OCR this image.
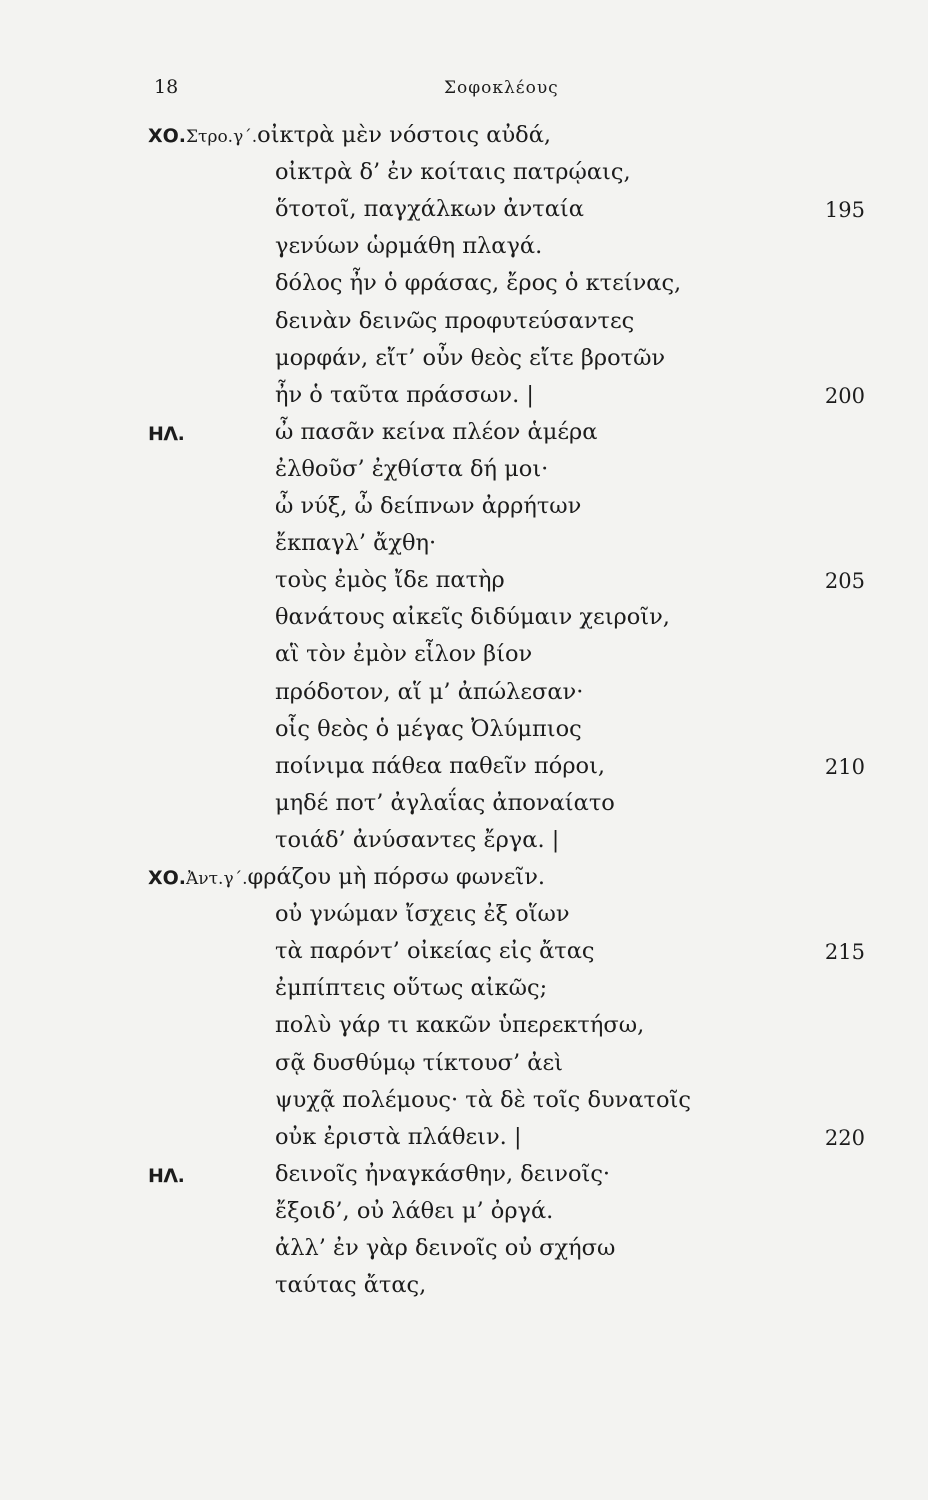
18	Σοφοκλέους
ΧΟ.Στρο.γ΄.οἰκτρὰ μὲν νόστοις αὐδά,
οἰκτρὰ δ’ ἐν κοίταις πατρῴαις,
ὅτοτοῖ, παγχάλκων ἀνταία	195
γενύων ὡρμάθη πλαγά.
δόλος ἦν ὁ φράσας, ἔρος ὁ κτείνας,
δεινὰν δεινῶς προφυτεύσαντες
μορφάν, εἴτ’ οὖν θεὸς εἴτε βροτῶν
ἦν ὁ ταῦτα πράσσων. |	200
ΗΛ.	ὦ πασᾶν κείνα πλέον ἁμέρα
ἐλθοῦσ’ ἐχθίστα δή μοι·
ὦ νύξ, ὦ δείπνων ἀρρήτων
ἔκπαγλ’ ἄχθη·
τοὺς ἐμὸς ἴδε πατὴρ	205
θανάτους αἰκεῖς διδύμαιν χειροῖν,
αἳ τὸν ἐμὸν εἷλον βίον
πρόδοτον, αἵ μ’ ἀπώλεσαν·
οἷς θεὸς ὁ μέγας Ὀλύμπιος
ποίνιμα πάθεα παθεῖν πόροι,	210
μηδέ ποτ’ ἀγλαΐας ἀποναίατο
τοιάδ’ ἀνύσαντες ἔργα. |
ΧΟ.Ἀντ.γ΄.φράζου μὴ πόρσω φωνεῖν.
οὐ γνώμαν ἴσχεις ἐξ οἵων
τὰ παρόντ’ οἰκείας εἰς ἄτας	215
ἐμπίπτεις οὕτως αἰκῶς;
πολὺ γάρ τι κακῶν ὑπερεκτήσω,
σᾷ δυσθύμῳ τίκτουσ’ ἀεὶ
ψυχᾷ πολέμους· τὰ δὲ τοῖς δυνατοῖς
οὐκ ἐριστὰ πλάθειν. |	220
ΗΛ.	δεινοῖς ἠναγκάσθην, δεινοῖς·
ἔξοιδ’, οὐ λάθει μ’ ὀργά.
ἀλλ’ ἐν γὰρ δεινοῖς οὐ σχήσω
ταύτας ἄτας,
